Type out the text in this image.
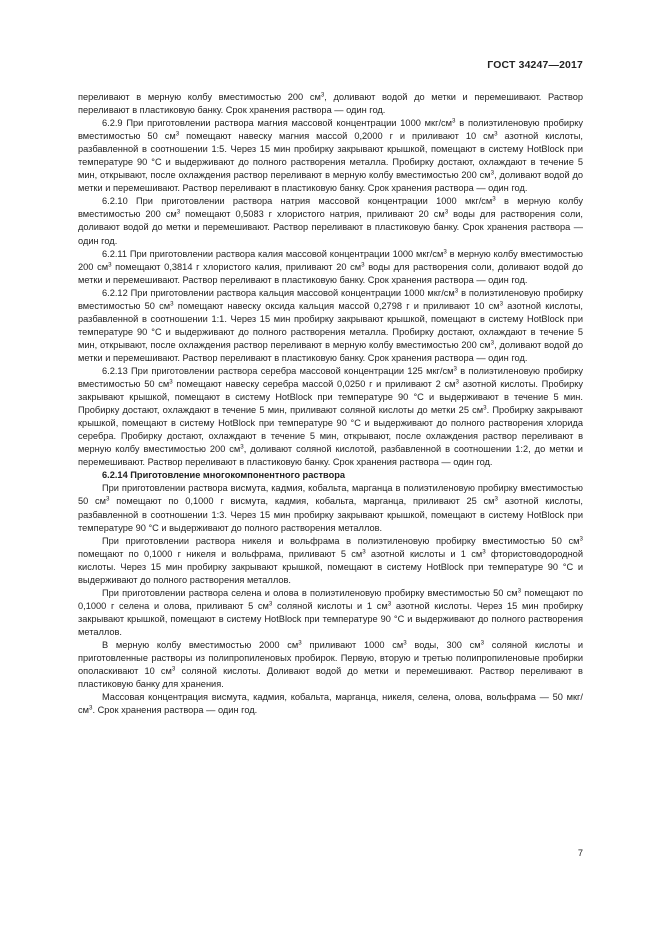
ГОСТ 34247—2017

переливают в мерную колбу вместимостью 200 $см^3$, доливают водой до метки и перемешивают. Раствор переливают в пластиковую банку. Срок хранения раствора — один год.

6.2.9 При приготовлении раствора магния массовой концентрации 1000 мкг/$см^3$ в полиэтиленовую пробирку вместимостью 50 $см^3$ помещают навеску магния массой 0,2000 г и приливают 10 $см^3$ азотной кислоты, разбавленной в соотношении 1:5. Через 15 мин пробирку закрывают крышкой, помещают в систему HotBlock при температуре 90 °С и выдерживают до полного растворения металла. Пробирку достают, охлаждают в течение 5 мин, открывают, после охлаждения раствор переливают в мерную колбу вместимостью 200 $см^3$, доливают водой до метки и перемешивают. Раствор переливают в пластиковую банку. Срок хранения раствора — один год.

6.2.10 При приготовлении раствора натрия массовой концентрации 1000 мкг/$см^3$ в мерную колбу вместимостью 200 $см^3$ помещают 0,5083 г хлористого натрия, приливают 20 $см^3$ воды для растворения соли, доливают водой до метки и перемешивают. Раствор переливают в пластиковую банку. Срок хранения раствора — один год.

6.2.11 При приготовлении раствора калия массовой концентрации 1000 мкг/$см^3$ в мерную колбу вместимостью 200 $см^3$ помещают 0,3814 г хлористого калия, приливают 20 $см^3$ воды для растворения соли, доливают водой до метки и перемешивают. Раствор переливают в пластиковую банку. Срок хранения раствора — один год.

6.2.12 При приготовлении раствора кальция массовой концентрации 1000 мкг/$см^3$ в полиэтиленовую пробирку вместимостью 50 $см^3$ помещают навеску оксида кальция массой 0,2798 г и приливают 10 $см^3$ азотной кислоты, разбавленной в соотношении 1:1. Через 15 мин пробирку закрывают крышкой, помещают в систему HotBlock при температуре 90 °С и выдерживают до полного растворения металла. Пробирку достают, охлаждают в течение 5 мин, открывают, после охлаждения раствор переливают в мерную колбу вместимостью 200 $см^3$, доливают водой до метки и перемешивают. Раствор переливают в пластиковую банку. Срок хранения раствора — один год.

6.2.13 При приготовлении раствора серебра массовой концентрации 125 мкг/$см^3$ в полиэтиленовую пробирку вместимостью 50 $см^3$ помещают навеску серебра массой 0,0250 г и приливают 2 $см^3$ азотной кислоты. Пробирку закрывают крышкой, помещают в систему HotBlock при температуре 90 °С и выдерживают в течение 5 мин. Пробирку достают, охлаждают в течение 5 мин, приливают соляной кислоты до метки 25 $см^3$. Пробирку закрывают крышкой, помещают в систему HotBlock при температуре 90 °С и выдерживают до полного растворения хлорида серебра. Пробирку достают, охлаждают в течение 5 мин, открывают, после охлаждения раствор переливают в мерную колбу вместимостью 200 $см^3$, доливают соляной кислотой, разбавленной в соотношении 1:2, до метки и перемешивают. Раствор переливают в пластиковую банку. Срок хранения раствора — один год.

6.2.14 Приготовление многокомпонентного раствора

При приготовлении раствора висмута, кадмия, кобальта, марганца в полиэтиленовую пробирку вместимостью 50 $см^3$ помещают по 0,1000 г висмута, кадмия, кобальта, марганца, приливают 25 $см^3$ азотной кислоты, разбавленной в соотношении 1:3. Через 15 мин пробирку закрывают крышкой, помещают в систему HotBlock при температуре 90 °С и выдерживают до полного растворения металлов.

При приготовлении раствора никеля и вольфрама в полиэтиленовую пробирку вместимостью 50 $см^3$ помещают по 0,1000 г никеля и вольфрама, приливают 5 $см^3$ азотной кислоты и 1 $см^3$ фтористоводородной кислоты. Через 15 мин пробирку закрывают крышкой, помещают в систему HotBlock при температуре 90 °С и выдерживают до полного растворения металлов.

При приготовлении раствора селена и олова в полиэтиленовую пробирку вместимостью 50 $см^3$ помещают по 0,1000 г селена и олова, приливают 5 $см^3$ соляной кислоты и 1 $см^3$ азотной кислоты. Через 15 мин пробирку закрывают крышкой, помещают в систему HotBlock при температуре 90 °С и выдерживают до полного растворения металлов.

В мерную колбу вместимостью 2000 $см^3$ приливают 1000 $см^3$ воды, 300 $см^3$ соляной кислоты и приготовленные растворы из полипропиленовых пробирок. Первую, вторую и третью полипропиленовые пробирки ополаскивают 10 $см^3$ соляной кислоты. Доливают водой до метки и перемешивают. Раствор переливают в пластиковую банку для хранения.

Массовая концентрация висмута, кадмия, кобальта, марганца, никеля, селена, олова, вольфрама — 50 мкг/$см^3$. Срок хранения раствора — один год.

7
